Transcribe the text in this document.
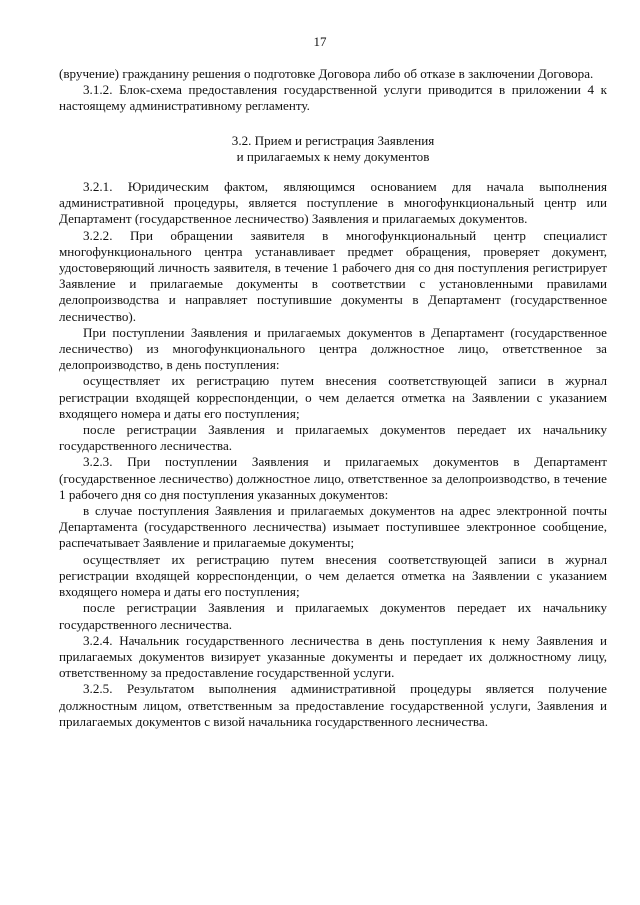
17

(вручение) гражданину решения о подготовке Договора либо об отказе в заключении Договора.

3.1.2. Блок-схема предоставления государственной услуги приводится в приложении 4 к настоящему административному регламенту.

3.2. Прием и регистрация Заявления
и прилагаемых к нему документов

3.2.1. Юридическим фактом, являющимся основанием для начала выполнения административной процедуры, является поступление в многофункциональный центр или Департамент (государственное лесничество) Заявления и прилагаемых документов.

3.2.2. При обращении заявителя в многофункциональный центр специалист многофункционального центра устанавливает предмет обращения, проверяет документ, удостоверяющий личность заявителя, в течение 1 рабочего дня со дня поступления регистрирует Заявление и прилагаемые документы в соответствии с установленными правилами делопроизводства и направляет поступившие документы в Департамент (государственное лесничество).

При поступлении Заявления и прилагаемых документов в Департамент (государственное лесничество) из многофункционального центра должностное лицо, ответственное за делопроизводство, в день поступления:

осуществляет их регистрацию путем внесения соответствующей записи в журнал регистрации входящей корреспонденции, о чем делается отметка на Заявлении с указанием входящего номера и даты его поступления;

после регистрации Заявления и прилагаемых документов передает их начальнику государственного лесничества.

3.2.3. При поступлении Заявления и прилагаемых документов в Департамент (государственное лесничество) должностное лицо, ответственное за делопроизводство, в течение 1 рабочего дня со дня поступления указанных документов:

в случае поступления Заявления и прилагаемых документов на адрес электронной почты Департамента (государственного лесничества) изымает поступившее электронное сообщение, распечатывает Заявление и прилагаемые документы;

осуществляет их регистрацию путем внесения соответствующей записи в журнал регистрации входящей корреспонденции, о чем делается отметка на Заявлении с указанием входящего номера и даты его поступления;

после регистрации Заявления и прилагаемых документов передает их начальнику государственного лесничества.

3.2.4. Начальник государственного лесничества в день поступления к нему Заявления и прилагаемых документов визирует указанные документы и передает их должностному лицу, ответственному за предоставление государственной услуги.

3.2.5. Результатом выполнения административной процедуры является получение должностным лицом, ответственным за предоставление государственной услуги, Заявления и прилагаемых документов с визой начальника государственного лесничества.
